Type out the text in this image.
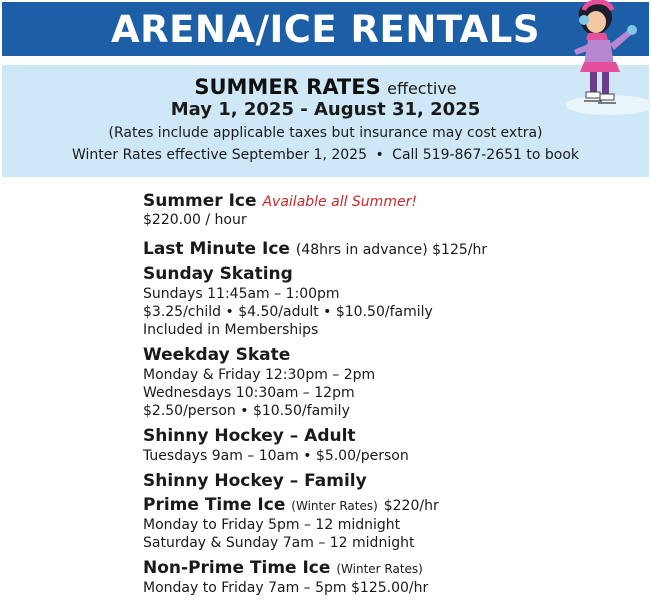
ARENA/ICE RENTALS
SUMMER RATES effective
May 1, 2025 - August 31, 2025
(Rates include applicable taxes but insurance may cost extra)
Winter Rates effective September 1, 2025 • Call 519-867-2651 to book
Summer Ice Available all Summer!
$220.00 / hour
Last Minute Ice (48hrs in advance) $125/hr
Sunday Skating
Sundays 11:45am – 1:00pm
$3.25/child • $4.50/adult • $10.50/family
Included in Memberships
Weekday Skate
Monday & Friday 12:30pm – 2pm
Wednesdays 10:30am – 12pm
$2.50/person • $10.50/family
Shinny Hockey – Adult
Tuesdays 9am – 10am • $5.00/person
Shinny Hockey – Family
Prime Time Ice (Winter Rates) $220/hr
Monday to Friday 5pm – 12 midnight
Saturday & Sunday 7am – 12 midnight
Non-Prime Time Ice (Winter Rates)
Monday to Friday 7am – 5pm $125.00/hr
